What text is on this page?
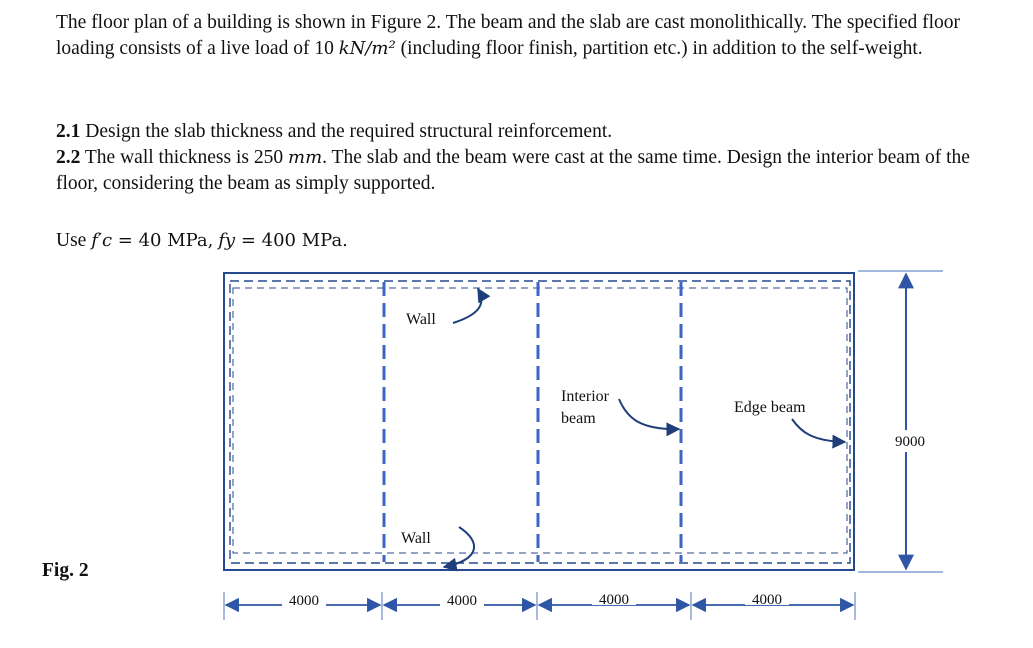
The floor plan of a building is shown in Figure 2. The beam and the slab are cast monolithically. The specified floor loading consists of a live load of 10 kN/m² (including floor finish, partition etc.) in addition to the self-weight.

2.1 Design the slab thickness and the required structural reinforcement.

2.2 The wall thickness is 250 mm. The slab and the beam were cast at the same time. Design the interior beam of the floor, considering the beam as simply supported.

Use f′c = 40 MPa, fy = 400 MPa.

Fig. 2

Wall
Wall
Interior
beam
Edge beam
9000
4000	4000	4000	4000
